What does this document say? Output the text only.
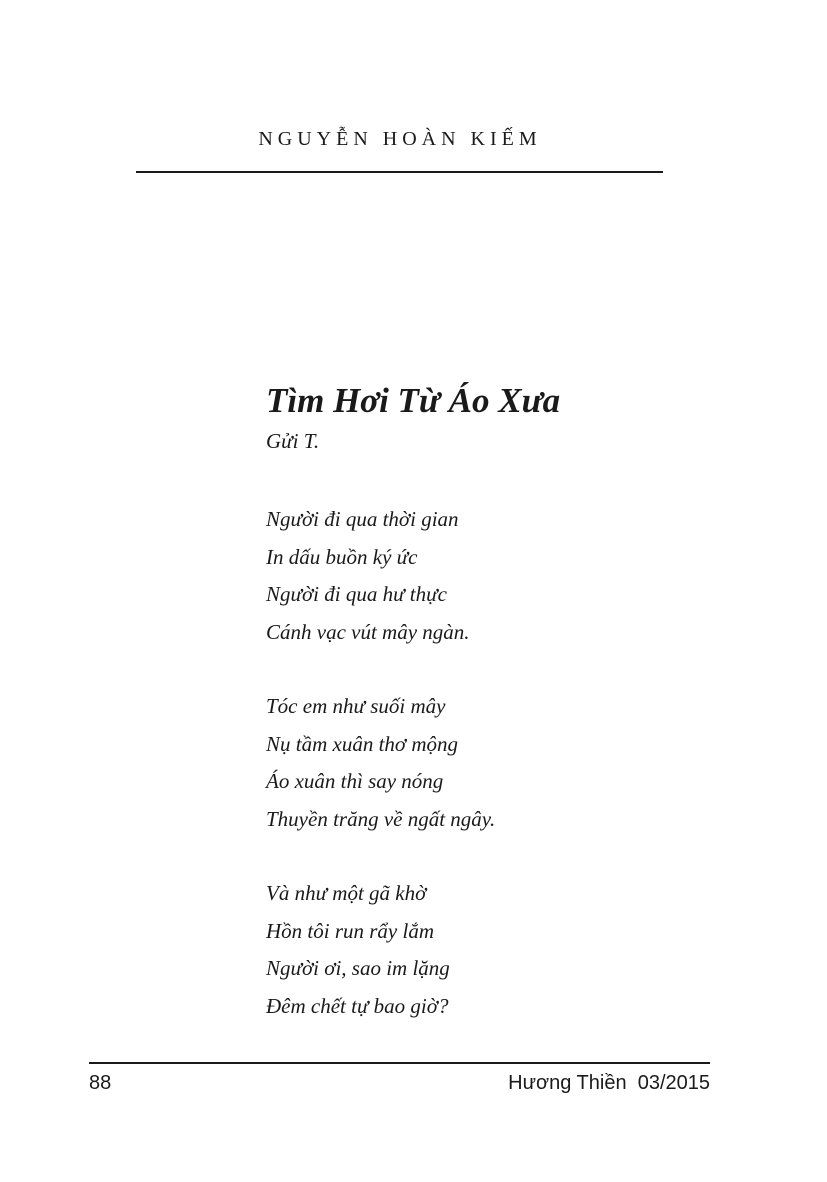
NGUYỄN HOÀN KIẾM
Tìm Hơi Từ Áo Xưa

Gửi T.

Người đi qua thời gian
In dấu buồn ký ức
Người đi qua hư thực
Cánh vạc vút mây ngàn.
Tóc em như suối mây
Nụ tầm xuân thơ mộng
Áo xuân thì say nóng
Thuyền trăng về ngất ngây.
Và như một gã khờ
Hồn tôi run rẩy lắm
Người ơi, sao im lặng
Đêm chết tự bao giờ?
88	Hương Thiền  03/2015
